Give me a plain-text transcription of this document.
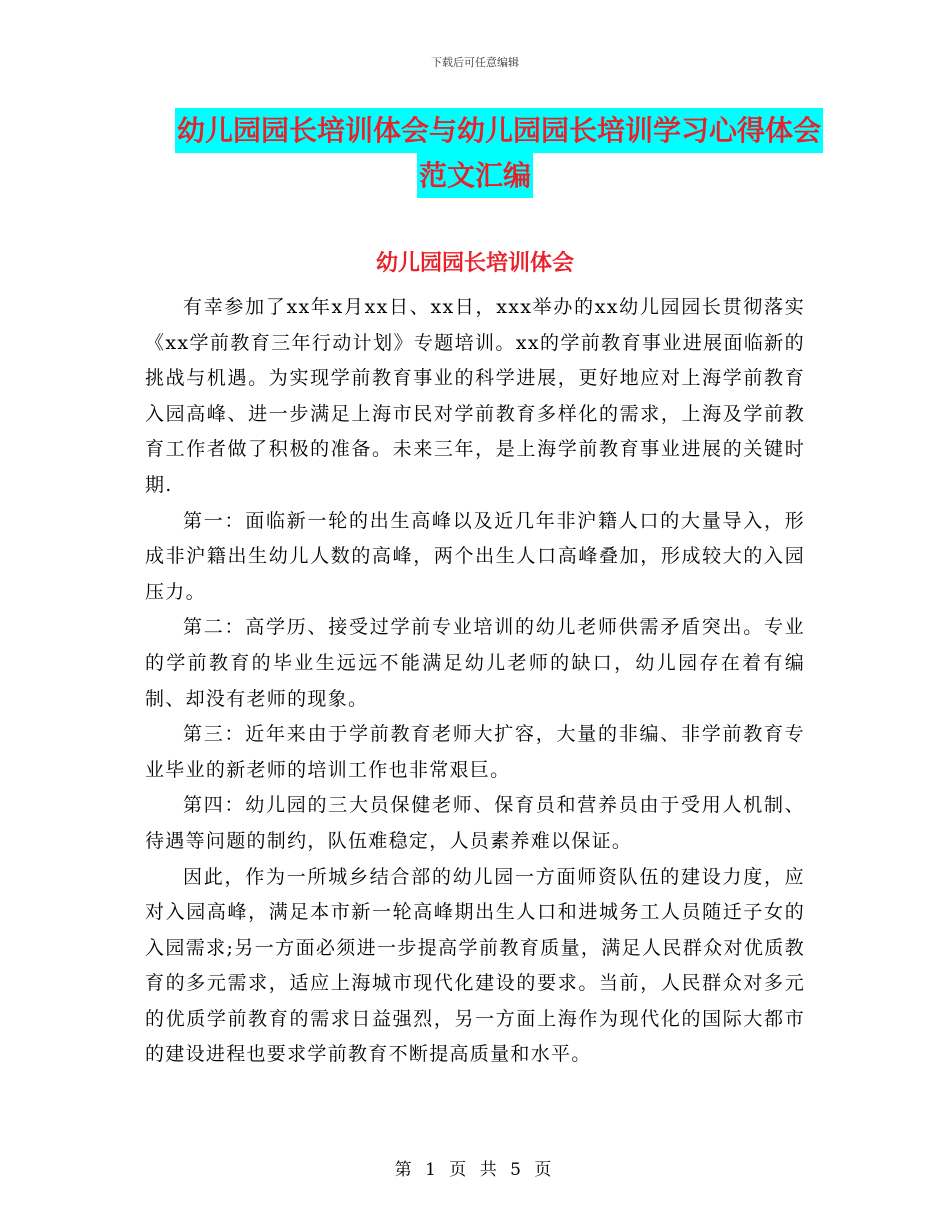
下载后可任意编辑
幼儿园园长培训体会与幼儿园园长培训学习心得体会
范文汇编
幼儿园园长培训体会

有幸参加了xx年x月xx日、xx日，xxx举办的xx幼儿园园长贯彻落实《xx学前教育三年行动计划》专题培训。xx的学前教育事业进展面临新的挑战与机遇。为实现学前教育事业的科学进展，更好地应对上海学前教育入园高峰、进一步满足上海市民对学前教育多样化的需求，上海及学前教育工作者做了积极的准备。未来三年，是上海学前教育事业进展的关键时期.

第一：面临新一轮的出生高峰以及近几年非沪籍人口的大量导入，形成非沪籍出生幼儿人数的高峰，两个出生人口高峰叠加，形成较大的入园压力。

第二：高学历、接受过学前专业培训的幼儿老师供需矛盾突出。专业的学前教育的毕业生远远不能满足幼儿老师的缺口，幼儿园存在着有编制、却没有老师的现象。

第三：近年来由于学前教育老师大扩容，大量的非编、非学前教育专业毕业的新老师的培训工作也非常艰巨。

第四：幼儿园的三大员保健老师、保育员和营养员由于受用人机制、待遇等问题的制约，队伍难稳定，人员素养难以保证。

因此，作为一所城乡结合部的幼儿园一方面师资队伍的建设力度，应对入园高峰，满足本市新一轮高峰期出生人口和进城务工人员随迁子女的入园需求;另一方面必须进一步提高学前教育质量，满足人民群众对优质教育的多元需求，适应上海城市现代化建设的要求。当前，人民群众对多元的优质学前教育的需求日益强烈，另一方面上海作为现代化的国际大都市的建设进程也要求学前教育不断提高质量和水平。

第 1 页 共 5 页
